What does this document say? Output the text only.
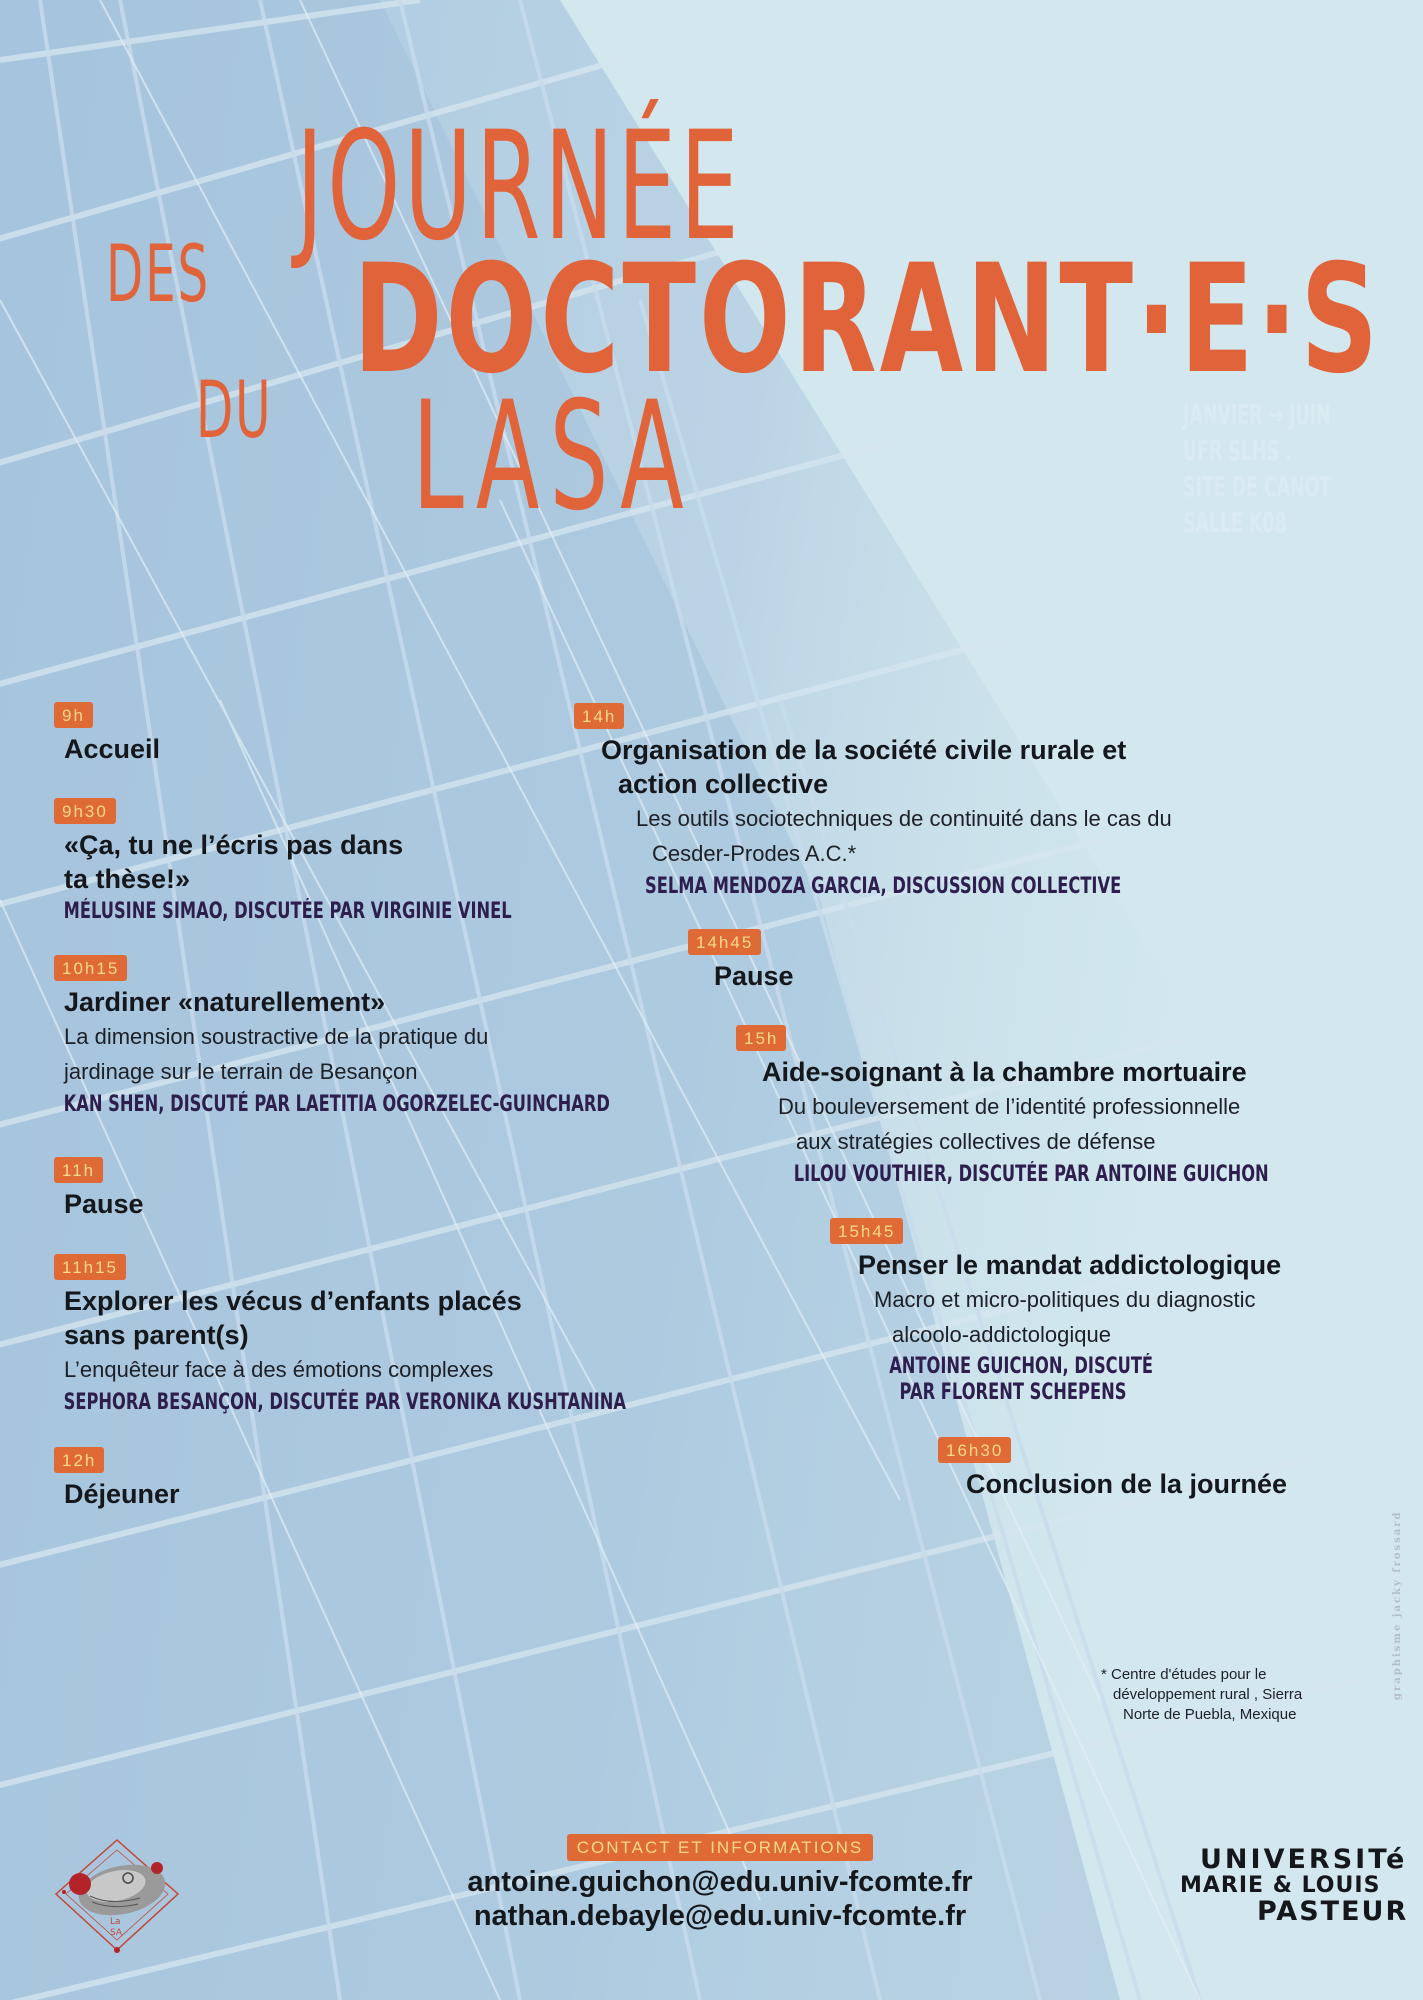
JOURNÉE
DES DOCTORANT·E·S
DU LASA	JANVIER → JUIN
UFR SLHS .
SITE DE CANOT
SALLE K08
9h
Accueil
9h30
«Ça, tu ne l’écris pas dans
ta thèse!»
MÉLUSINE SIMAO, DISCUTÉE PAR VIRGINIE VINEL
10h15
Jardiner «naturellement»
La dimension soustractive de la pratique du
jardinage sur le terrain de Besançon
KAN SHEN, DISCUTÉ PAR LAETITIA OGORZELEC-GUINCHARD
11h
Pause
11h15
Explorer les vécus d’enfants placés
sans parent(s)
L’enquêteur face à des émotions complexes
SEPHORA BESANÇON, DISCUTÉE PAR VERONIKA KUSHTANINA
12h
Déjeuner
14h
Organisation de la société civile rurale et
action collective
Les outils sociotechniques de continuité dans le cas du
Cesder-Prodes A.C.*
SELMA MENDOZA GARCIA, DISCUSSION COLLECTIVE
14h45
Pause
15h
Aide-soignant à la chambre mortuaire
Du bouleversement de l’identité professionnelle
aux stratégies collectives de défense
LILOU VOUTHIER, DISCUTÉE PAR ANTOINE GUICHON
15h45
Penser le mandat addictologique
Macro et micro-politiques du diagnostic
alcoolo-addictologique
ANTOINE GUICHON, DISCUTÉ
PAR FLORENT SCHEPENS
16h30
Conclusion de la journée
* Centre d'études pour le
développement rural , Sierra
Norte de Puebla, Mexique
graphisme jacky frossard
CONTACT ET INFORMATIONS
antoine.guichon@edu.univ-fcomte.fr
nathan.debayle@edu.univ-fcomte.fr
La
SA
UNIVERSITé
MARIE & LOUIS
PASTEUR
